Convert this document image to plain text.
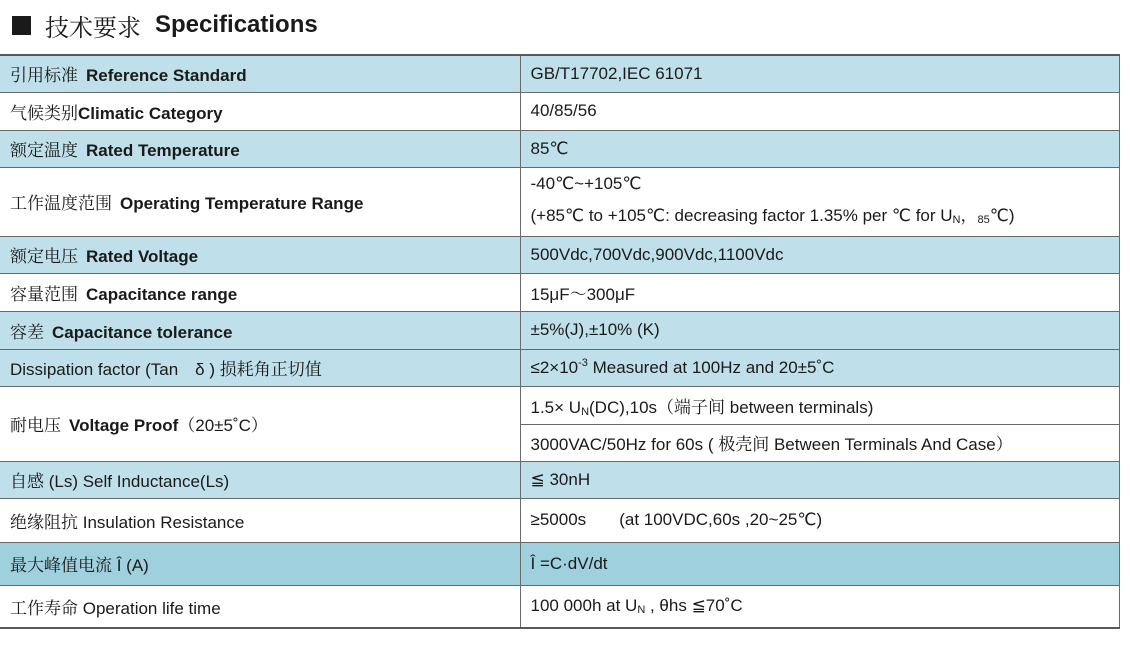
技术要求 Specifications
引用标准 Reference Standard	GB/T17702,IEC 61071
气候类别Climatic Category	40/85/56
额定温度 Rated Temperature	85℃
工作温度范围 Operating Temperature Range	-40℃~+105℃
(+85℃ to +105℃: decreasing factor 1.35% per ℃ for UN，85℃)

额定电压 Rated Voltage	500Vdc,700Vdc,900Vdc,1100Vdc
容量范围 Capacitance range	15μF～300μF
容差 Capacitance tolerance	±5%(J),±10% (K)
Dissipation factor (Tan　δ ) 损耗角正切值	$\le 2\times 10^{-3}$ Measured at 100Hz and 20±5˚C
耐电压 Voltage Proof（20±5˚C）	1.5× UN(DC),10s（端子间 between terminals)
	3000VAC/50Hz for 60s ( 极壳间 Between Terminals And Case）
自感 (Ls) Self Inductance(Ls)	≦ 30nH
绝缘阻抗 Insulation Resistance	≥5000s       (at 100VDC,60s ,20~25℃)
最大峰值电流 Î (A)	Î =C·dV/dt
工作寿命 Operation life time	100 000h at UN , θhs ≦70˚C
